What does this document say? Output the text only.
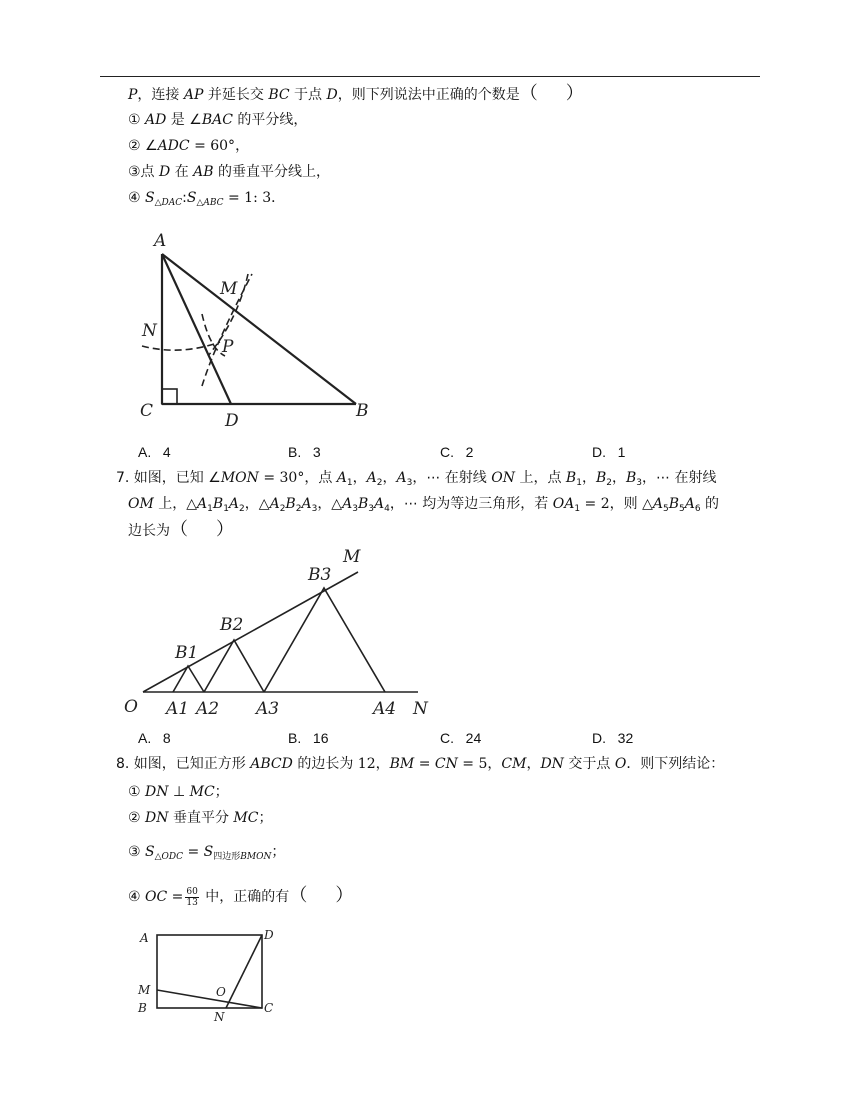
P，连接 AP 并延长交 BC 于点 D，则下列说法中正确的个数是（　　 ）
① AD 是 ∠BAC 的平分线，
② ∠ADC = 60°，
③点 D 在 AB 的垂直平分线上，
④ $S_{\triangle DAC}:S_{\triangle ABC} = 1$: 3．
A
M
N
P
C	D	B
A. 4	B. 3	C. 2	D. 1
7. 如图，已知 ∠MON = 30°，点 $A_1$，$A_2$，$A_3$，⋯ 在射线 ON 上，点 $B_1$，$B_2$，$B_3$，⋯ 在射线
OM 上，$\triangle A_1B_1A_2$，$\triangle A_2B_2A_3$，$\triangle A_3B_3A_4$，⋯ 均为等边三角形，若 $OA_1 = 2$，则 $\triangle A_5B_5A_6$ 的
边长为（　　 ）
M
O	N
B1
B2
B3
A1 A2 A3	A4
A. 8	B. 16	C. 24	D. 32
8. 如图，已知正方形 ABCD 的边长为 12，BM = CN = 5，CM，DN 交于点 O．则下列结论：
① DN ⊥ MC；
② DN 垂直平分 MC；
③ $S_{\triangle ODC} = S_{四边形BMON}$；
④ OC = $\frac{60}{13}$ 中，正确的有（　　 ）
A	D
M	O
B
N
C
